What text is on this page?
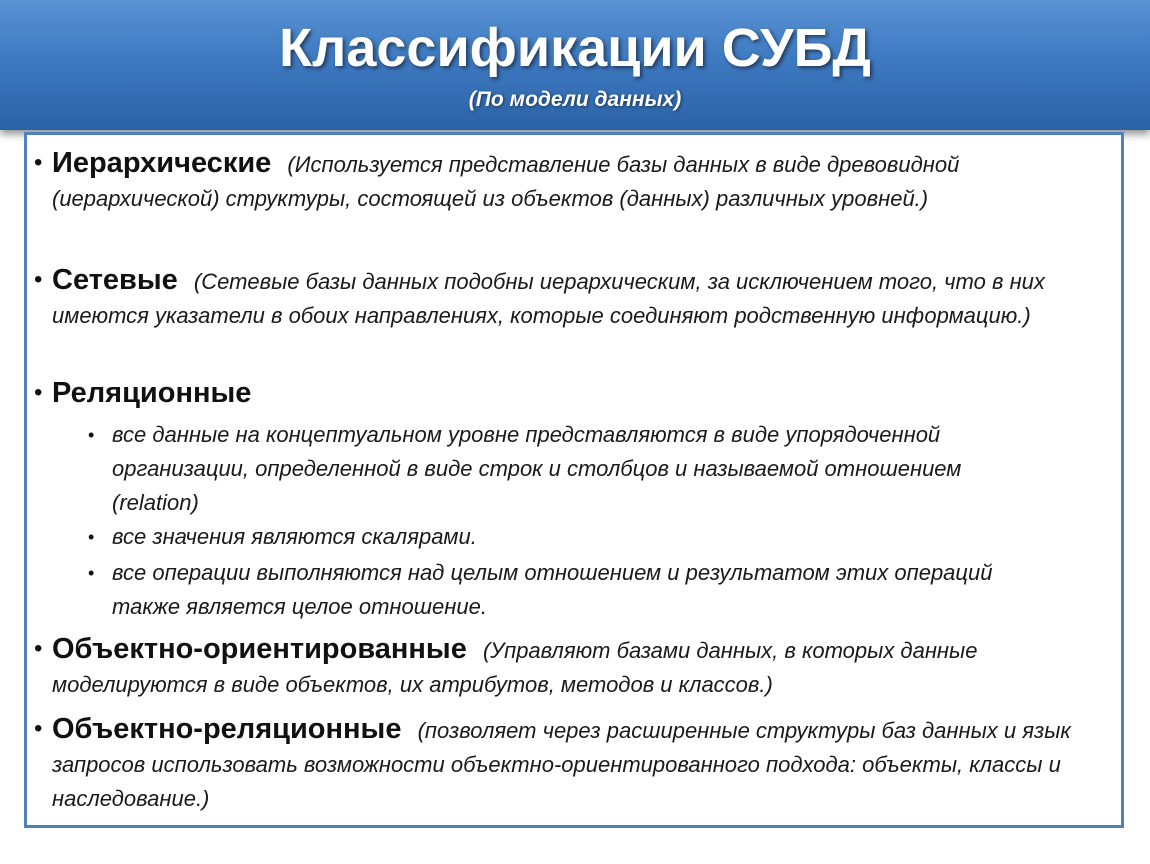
Классификации СУБД
(По модели данных)
• Иерархические (Используется представление базы данных в виде древовидной (иерархической) структуры, состоящей из объектов (данных) различных уровней.)
• Сетевые (Сетевые базы данных подобны иерархическим, за исключением того, что в них имеются указатели в обоих направлениях, которые соединяют родственную информацию.)
• Реляционные
• все данные на концептуальном уровне представляются в виде упорядоченной организации, определенной в виде строк и столбцов и называемой отношением (relation)
• все значения являются скалярами.
• все операции выполняются над целым отношением и результатом этих операций также является целое отношение.
• Объектно-ориентированные (Управляют базами данных, в которых данные моделируются в виде объектов, их атрибутов, методов и классов.)
• Объектно-реляционные (позволяет через расширенные структуры баз данных и язык запросов использовать возможности объектно-ориентированного подхода: объекты, классы и наследование.)
